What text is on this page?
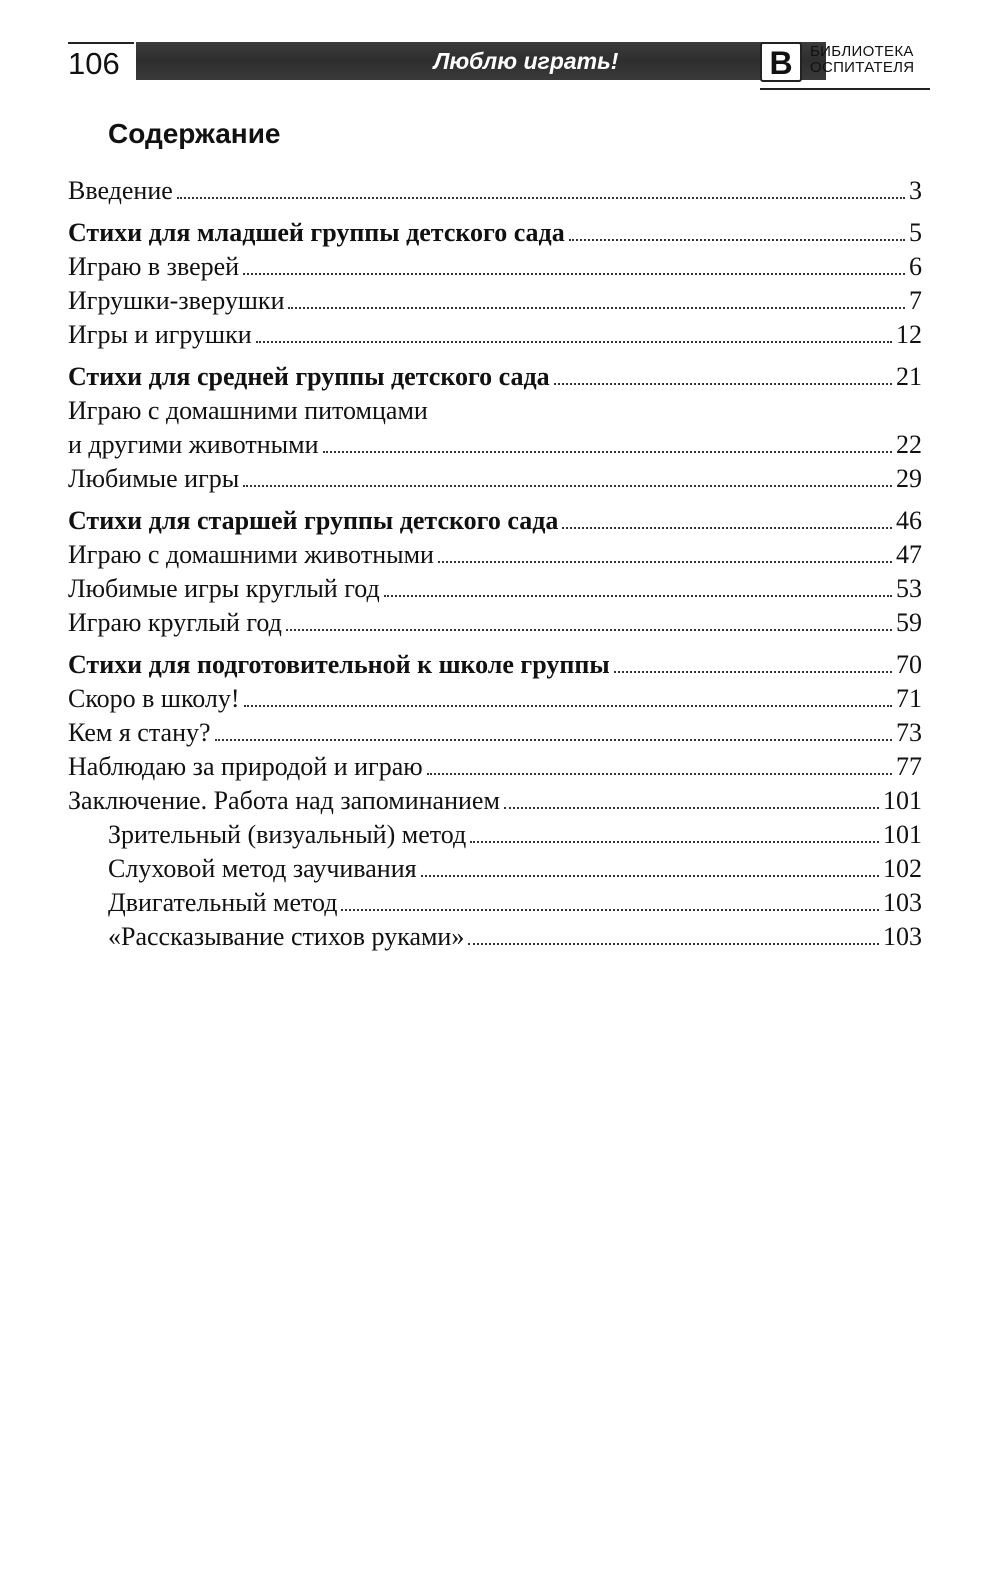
106	Люблю играть!	В	БИБЛИОТЕКА
ОСПИТАТЕЛЯ
Содержание
Введение	3
Стихи для младшей группы детского сада	5
Играю в зверей	6
Игрушки-зверушки	7
Игры и игрушки	12
Стихи для средней группы детского сада	21
Играю с домашними питомцами
и другими животными	22
Любимые игры	29
Стихи для старшей группы детского сада	46
Играю с домашними животными	47
Любимые игры круглый год	53
Играю круглый год	59
Стихи для подготовительной к школе группы	70
Скоро в школу!	71
Кем я стану?	73
Наблюдаю за природой и играю	77
Заключение. Работа над запоминанием	101
Зрительный (визуальный) метод	101
Слуховой метод заучивания	102
Двигательный метод	103
«Рассказывание стихов руками»	103
